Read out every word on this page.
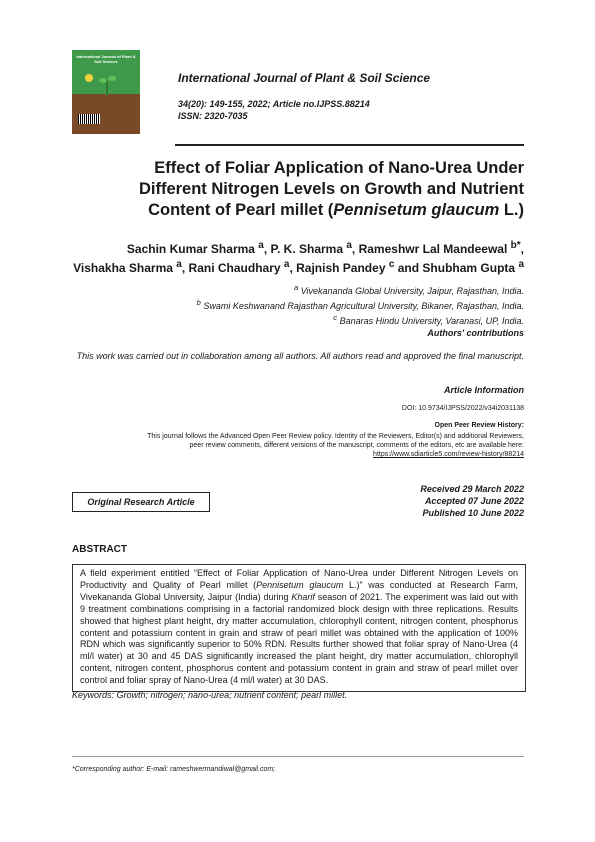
International Journal of Plant & Soil Science
International Journal of Plant & Soil Science
34(20): 149-155, 2022; Article no.IJPSS.88214
ISSN: 2320-7035
Effect of Foliar Application of Nano-Urea Under
Different Nitrogen Levels on Growth and Nutrient
Content of Pearl millet (Pennisetum glaucum L.)
Sachin Kumar Sharma $^a$, P. K. Sharma $^a$, Rameshwr Lal Mandeewal $^{b*}$,
Vishakha Sharma $^a$, Rani Chaudhary $^a$, Rajnish Pandey $^c$ and Shubham Gupta $^a$
$^a$ Vivekananda Global University, Jaipur, Rajasthan, India.
$^b$ Swami Keshwanand Rajasthan Agricultural University, Bikaner, Rajasthan, India.
$^c$ Banaras Hindu University, Varanasi, UP, India.
Authors' contributions
This work was carried out in collaboration among all authors. All authors read and approved the final manuscript.
Article Information
DOI: 10.9734/IJPSS/2022/v34i2031138
Open Peer Review History:
This journal follows the Advanced Open Peer Review policy. Identity of the Reviewers, Editor(s) and additional Reviewers,
peer review comments, different versions of the manuscript, comments of the editors, etc are available here:
https://www.sdiarticle5.com/review-history/88214
Original Research Article
Received 29 March 2022
Accepted 07 June 2022
Published 10 June 2022
ABSTRACT
A field experiment entitled “Effect of Foliar Application of Nano-Urea under Different Nitrogen Levels on Productivity and Quality of Pearl millet (Pennisetum glaucum L.)” was conducted at Research Farm, Vivekananda Global University, Jaipur (India) during Kharif season of 2021. The experiment was laid out with 9 treatment combinations comprising in a factorial randomized block design with three replications. Results showed that highest plant height, dry matter accumulation, chlorophyll content, nitrogen content, phosphorus content and potassium content in grain and straw of pearl millet was obtained with the application of 100% RDN which was significantly superior to 50% RDN. Results further showed that foliar spray of Nano-Urea (4 ml/l water) at 30 and 45 DAS significantly increased the plant height, dry matter accumulation, chlorophyll content, nitrogen content, phosphorus content and potassium content in grain and straw of pearl millet over control and foliar spray of Nano-Urea (4 ml/l water) at 30 DAS.
Keywords: Growth; nitrogen; nano-urea; nutrient content; pearl millet.
*Corresponding author: E-mail: rameshwermandiwal@gmail.com;
